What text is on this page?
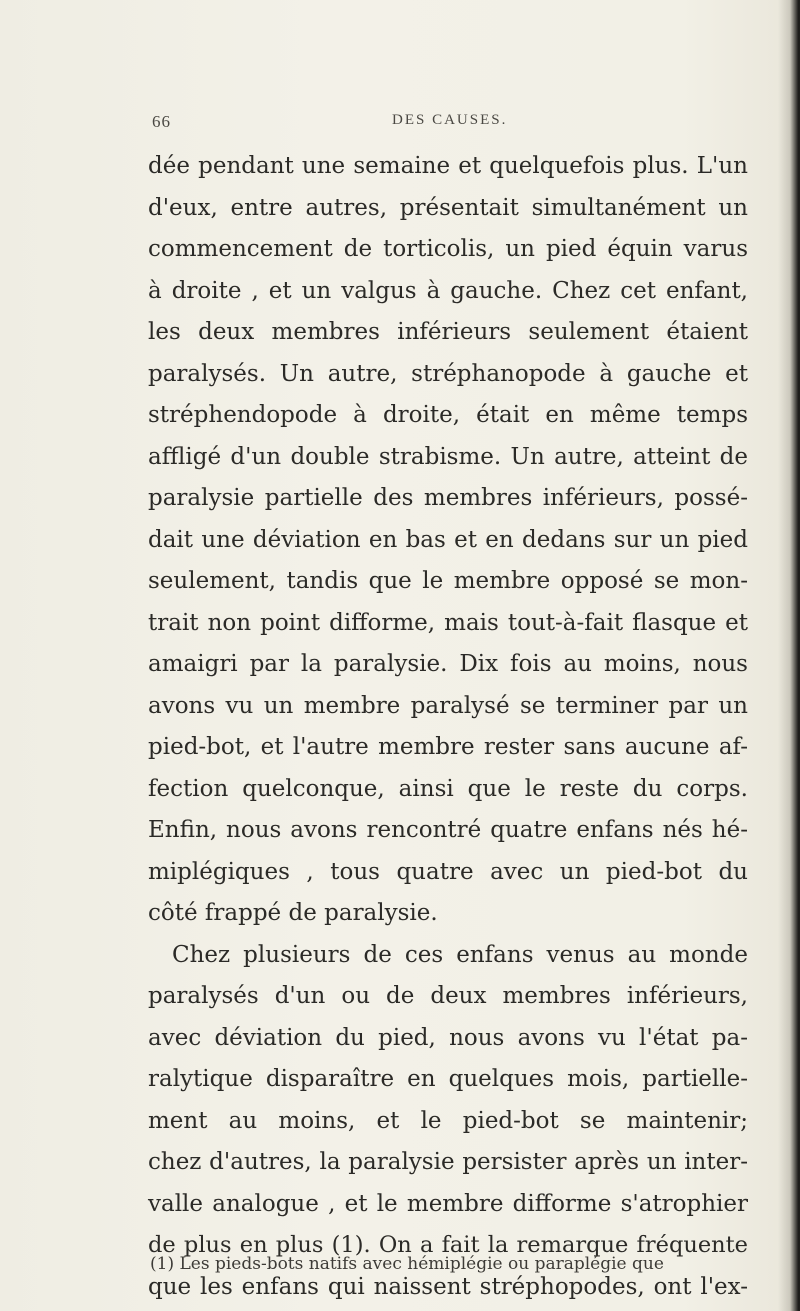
66	DES CAUSES.
dée pendant une semaine et quelquefois plus. L'un
d'eux, entre autres, présentait simultanément un
commencement de torticolis, un pied équin varus
à droite , et un valgus à gauche. Chez cet enfant,
les deux membres inférieurs seulement étaient
paralysés. Un autre, stréphanopode à gauche et
stréphendopode à droite, était en même temps
affligé d'un double strabisme. Un autre, atteint de
paralysie partielle des membres inférieurs, possé-
dait une déviation en bas et en dedans sur un pied
seulement, tandis que le membre opposé se mon-
trait non point difforme, mais tout-à-fait flasque et
amaigri par la paralysie. Dix fois au moins, nous
avons vu un membre paralysé se terminer par un
pied-bot, et l'autre membre rester sans aucune af-
fection quelconque, ainsi que le reste du corps.
Enfin, nous avons rencontré quatre enfans nés hé-
miplégiques , tous quatre avec un pied-bot du
côté frappé de paralysie.
Chez plusieurs de ces enfans venus au monde
paralysés d'un ou de deux membres inférieurs,
avec déviation du pied, nous avons vu l'état pa-
ralytique disparaître en quelques mois, partielle-
ment au moins, et le pied-bot se maintenir;
chez d'autres, la paralysie persister après un inter-
valle analogue , et le membre difforme s'atrophier
de plus en plus (1). On a fait la remarque fréquente
que les enfans qui naissent stréphopodes, ont l'ex-
(1) Les pieds-bots natifs avec hémiplégie ou paraplégie que
